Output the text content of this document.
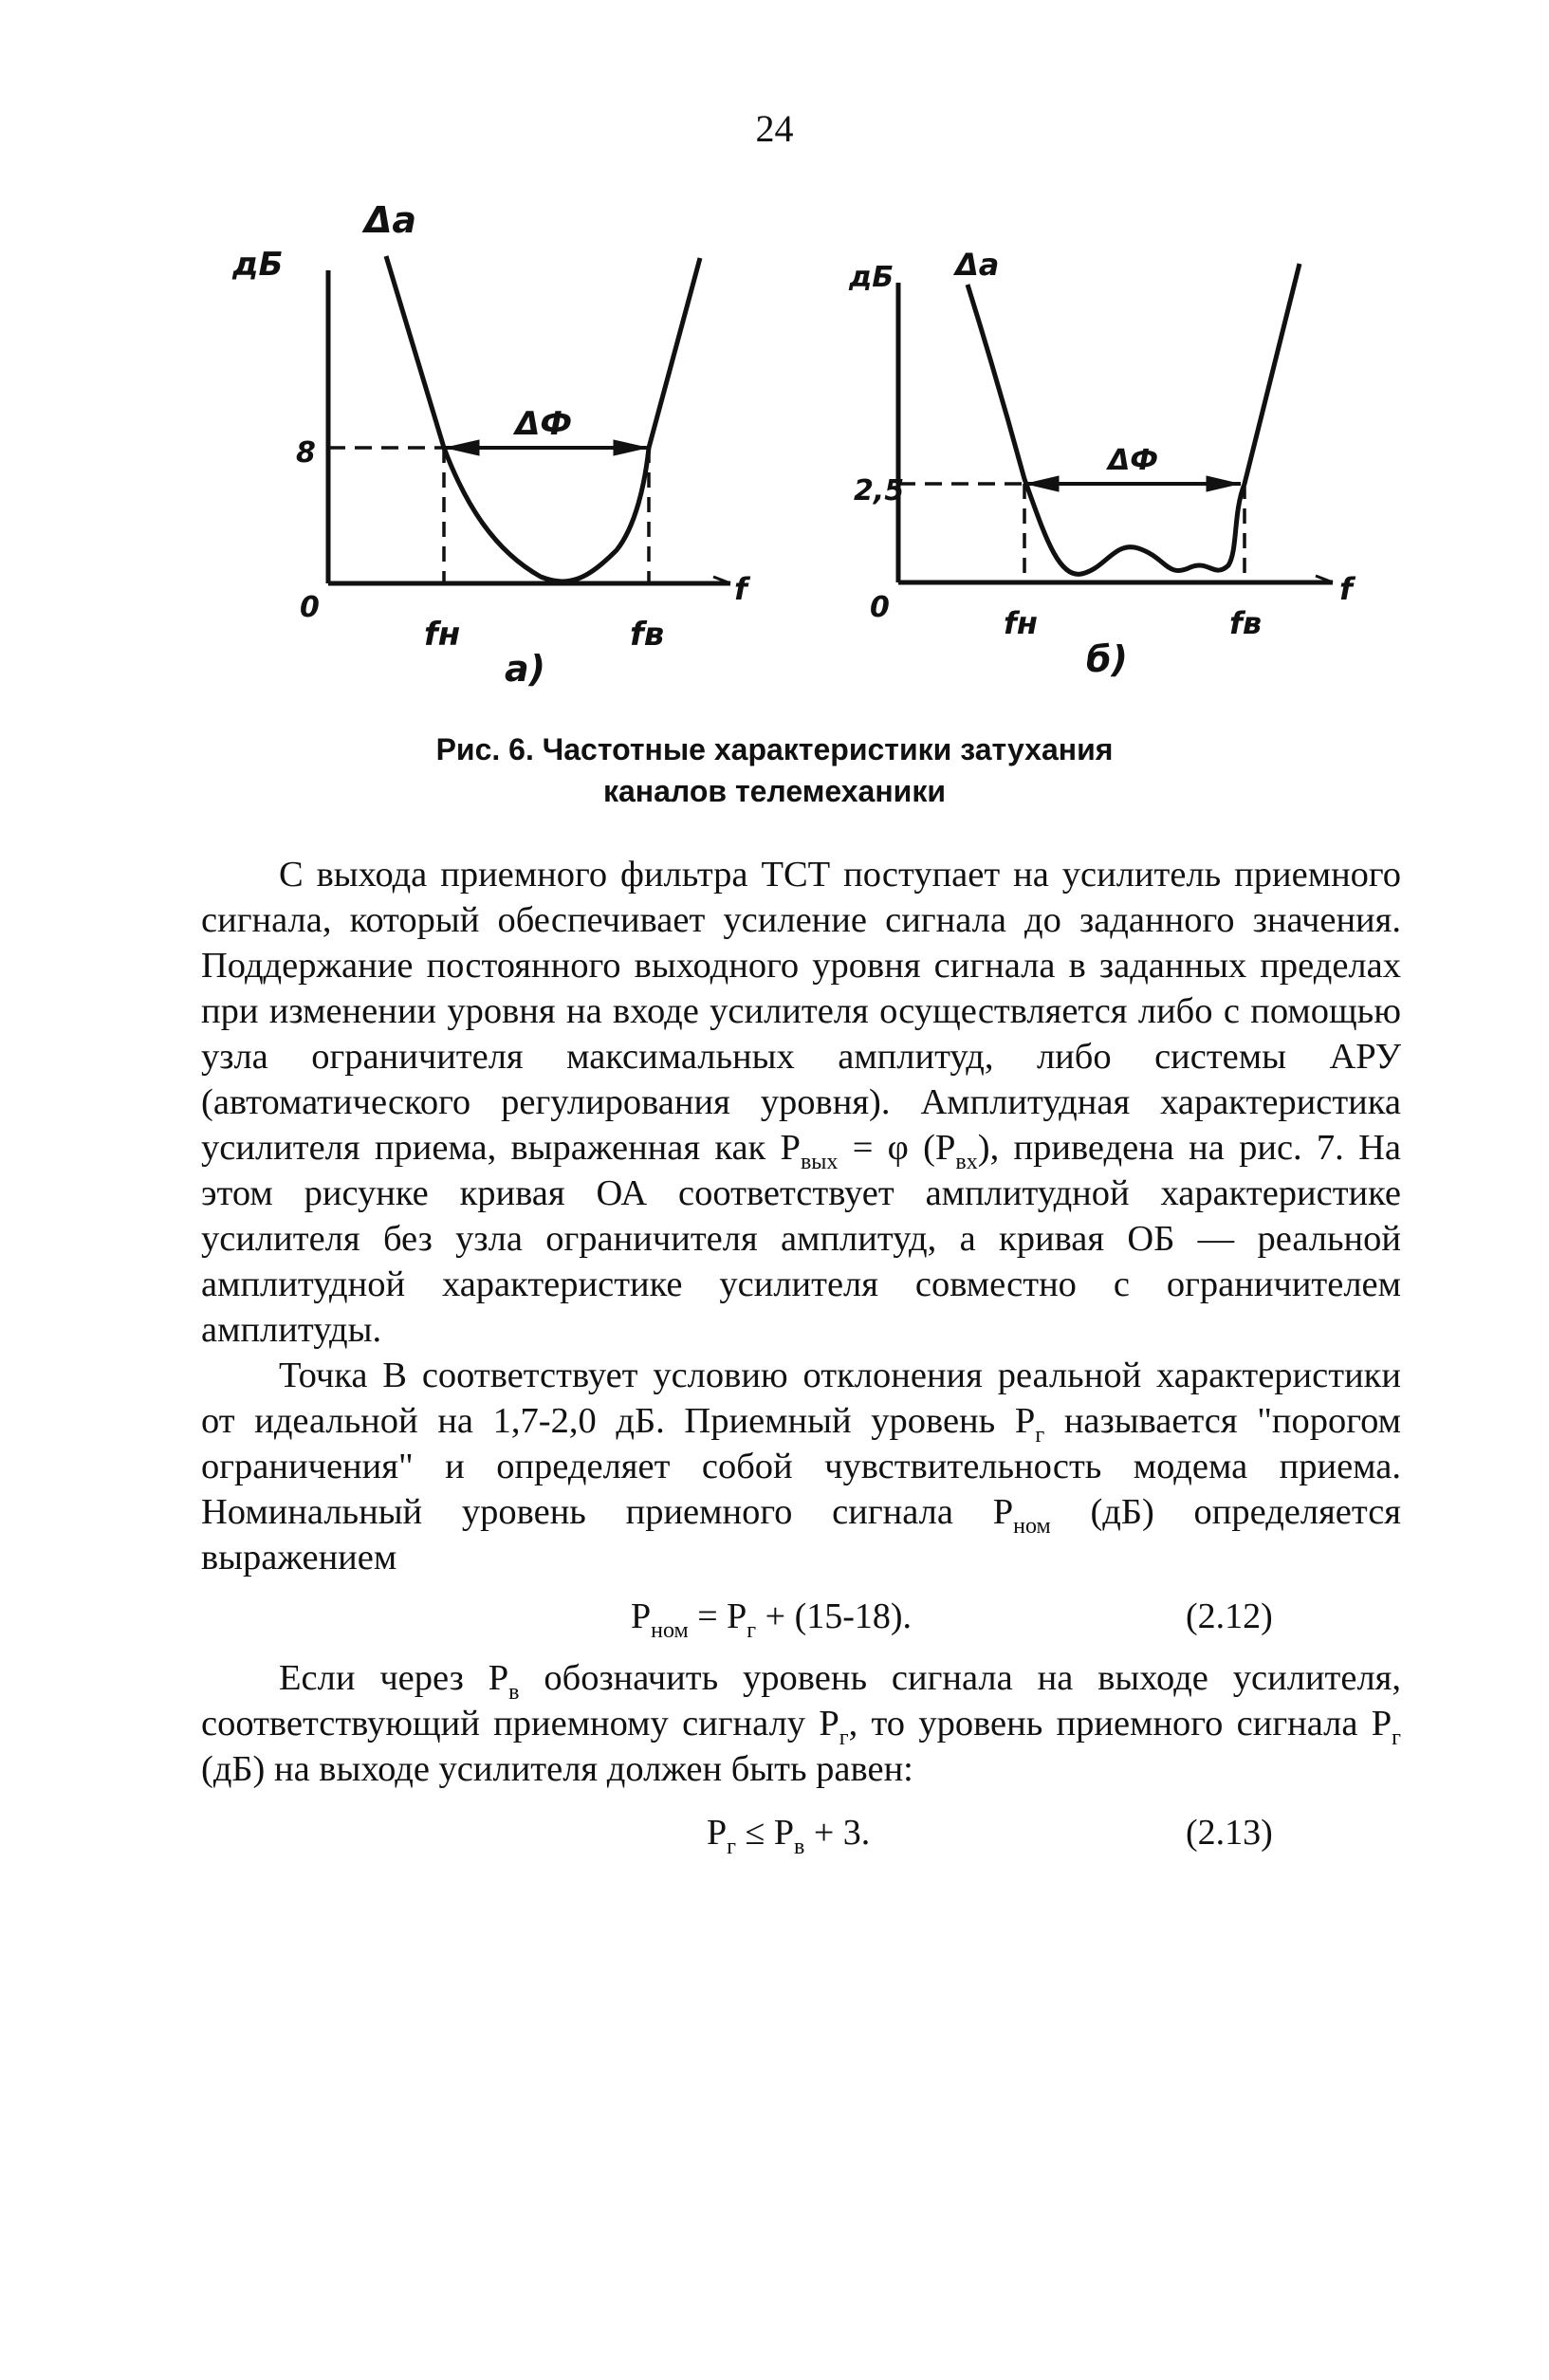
24
дБ
Δa
ΔФ
8
0
fн	fв
f
а)
дБ Δa
ΔФ
2,5
0	fн	fв
f
б)
Рис. 6. Частотные характеристики затухания
каналов телемеханики

С выхода приемного фильтра ТСТ поступает на усилитель приемного сигнала, который обеспечивает усиление сигнала до заданного значения. Поддержание постоянного выходного уровня сигнала в заданных пределах при изменении уровня на входе усилителя осуществляется либо с помощью узла ограничителя максимальных амплитуд, либо системы АРУ (автоматического регулирования уровня). Амплитудная характеристика усилителя приема, выраженная как $P_{вых} = \varphi$ $(P_{вх})$, приведена на рис. 7. На этом рисунке кривая ОА соответствует амплитудной характеристике усилителя без узла ограничителя амплитуд, а кривая ОБ — реальной амплитудной характеристике усилителя совместно с ограничителем амплитуды.

Точка В соответствует условию отклонения реальной характеристики от идеальной на 1,7-2,0 дБ. Приемный уровень $P_г$ называется "порогом ограничения" и определяет собой чувствительность модема приема. Номинальный уровень приемного сигнала $P_{ном}$ (дБ) определяется выражением

$P_{ном} = P_г + (15-18)$.	(2.12)

Если через $P_в$ обозначить уровень сигнала на выходе усилителя, соответствующий приемному сигналу $P_г$, то уровень приемного сигнала $P_г$ (дБ) на выходе усилителя должен быть равен:

$P_г \le P_в + 3$.	(2.13)
